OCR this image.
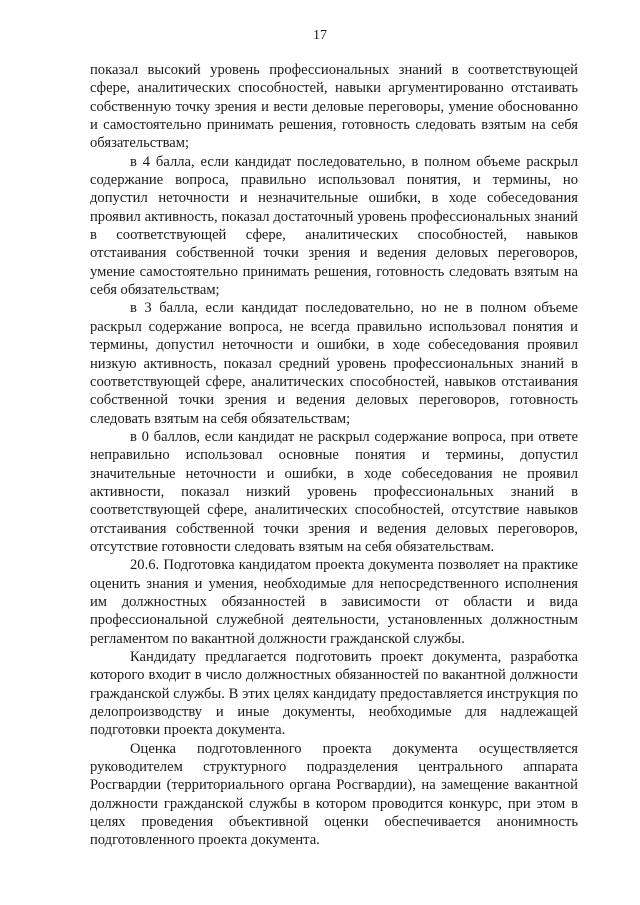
17

показал высокий уровень профессиональных знаний в соответствующей сфере, аналитических способностей, навыки аргументированно отстаивать собственную точку зрения и вести деловые переговоры, умение обоснованно и самостоятельно принимать решения, готовность следовать взятым на себя обязательствам;

в 4 балла, если кандидат последовательно, в полном объеме раскрыл содержание вопроса, правильно использовал понятия, и термины, но допустил неточности и незначительные ошибки, в ходе собеседования проявил активность, показал достаточный уровень профессиональных знаний в соответствующей сфере, аналитических способностей, навыков отстаивания собственной точки зрения и ведения деловых переговоров, умение самостоятельно принимать решения, готовность следовать взятым на себя обязательствам;

в 3 балла, если кандидат последовательно, но не в полном объеме раскрыл содержание вопроса, не всегда правильно использовал понятия и термины, допустил неточности и ошибки, в ходе собеседования проявил низкую активность, показал средний уровень профессиональных знаний в соответствующей сфере, аналитических способностей, навыков отстаивания собственной точки зрения и ведения деловых переговоров, готовность следовать взятым на себя обязательствам;

в 0 баллов, если кандидат не раскрыл содержание вопроса, при ответе неправильно использовал основные понятия и термины, допустил значительные неточности и ошибки, в ходе собеседования не проявил активности, показал низкий уровень профессиональных знаний в соответствующей сфере, аналитических способностей, отсутствие навыков отстаивания собственной точки зрения и ведения деловых переговоров, отсутствие готовности следовать взятым на себя обязательствам.

20.6. Подготовка кандидатом проекта документа позволяет на практике оценить знания и умения, необходимые для непосредственного исполнения им должностных обязанностей в зависимости от области и вида профессиональной служебной деятельности, установленных должностным регламентом по вакантной должности гражданской службы.

Кандидату предлагается подготовить проект документа, разработка которого входит в число должностных обязанностей по вакантной должности гражданской службы. В этих целях кандидату предоставляется инструкция по делопроизводству и иные документы, необходимые для надлежащей подготовки проекта документа.

Оценка подготовленного проекта документа осуществляется руководителем структурного подразделения центрального аппарата Росгвардии (территориального органа Росгвардии), на замещение вакантной должности гражданской службы в котором проводится конкурс, при этом в целях проведения объективной оценки обеспечивается анонимность подготовленного проекта документа.
